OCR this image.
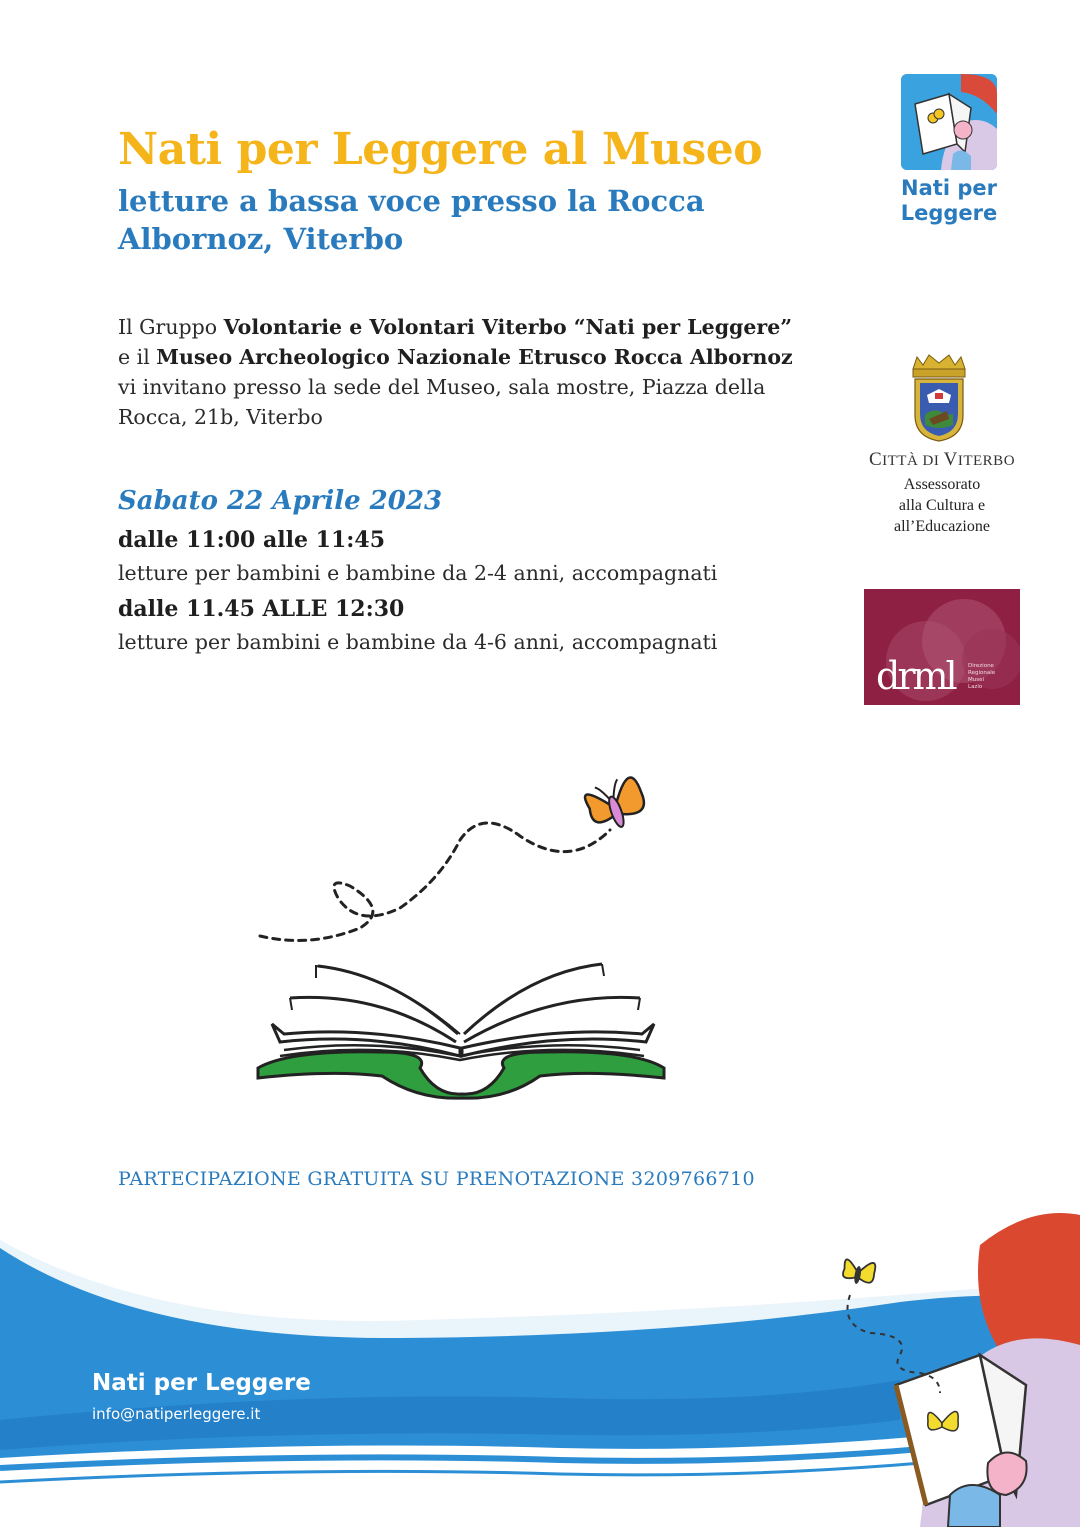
Nati per Leggere al Museo
letture a bassa voce presso la Rocca Albornoz, Viterbo
Il Gruppo Volontarie e Volontari Viterbo “Nati per Leggere”
e il Museo Archeologico Nazionale Etrusco Rocca Albornoz
vi invitano presso la sede del Museo, sala mostre, Piazza della
Rocca, 21b, Viterbo
Sabato 22 Aprile 2023
dalle 11:00 alle 11:45
letture per bambini e bambine da 2-4 anni, accompagnati
dalle 11.45 ALLE 12:30
letture per bambini e bambine da 4-6 anni, accompagnati
PARTECIPAZIONE GRATUITA SU PRENOTAZIONE 3209766710
Nati per
Leggere
CITTÀ DI VITERBO
Assessorato
alla Cultura e
all’Educazione
drml Direzione
Regionale
Musei
Lazio
Nati per Leggere
info@natiperleggere.it
